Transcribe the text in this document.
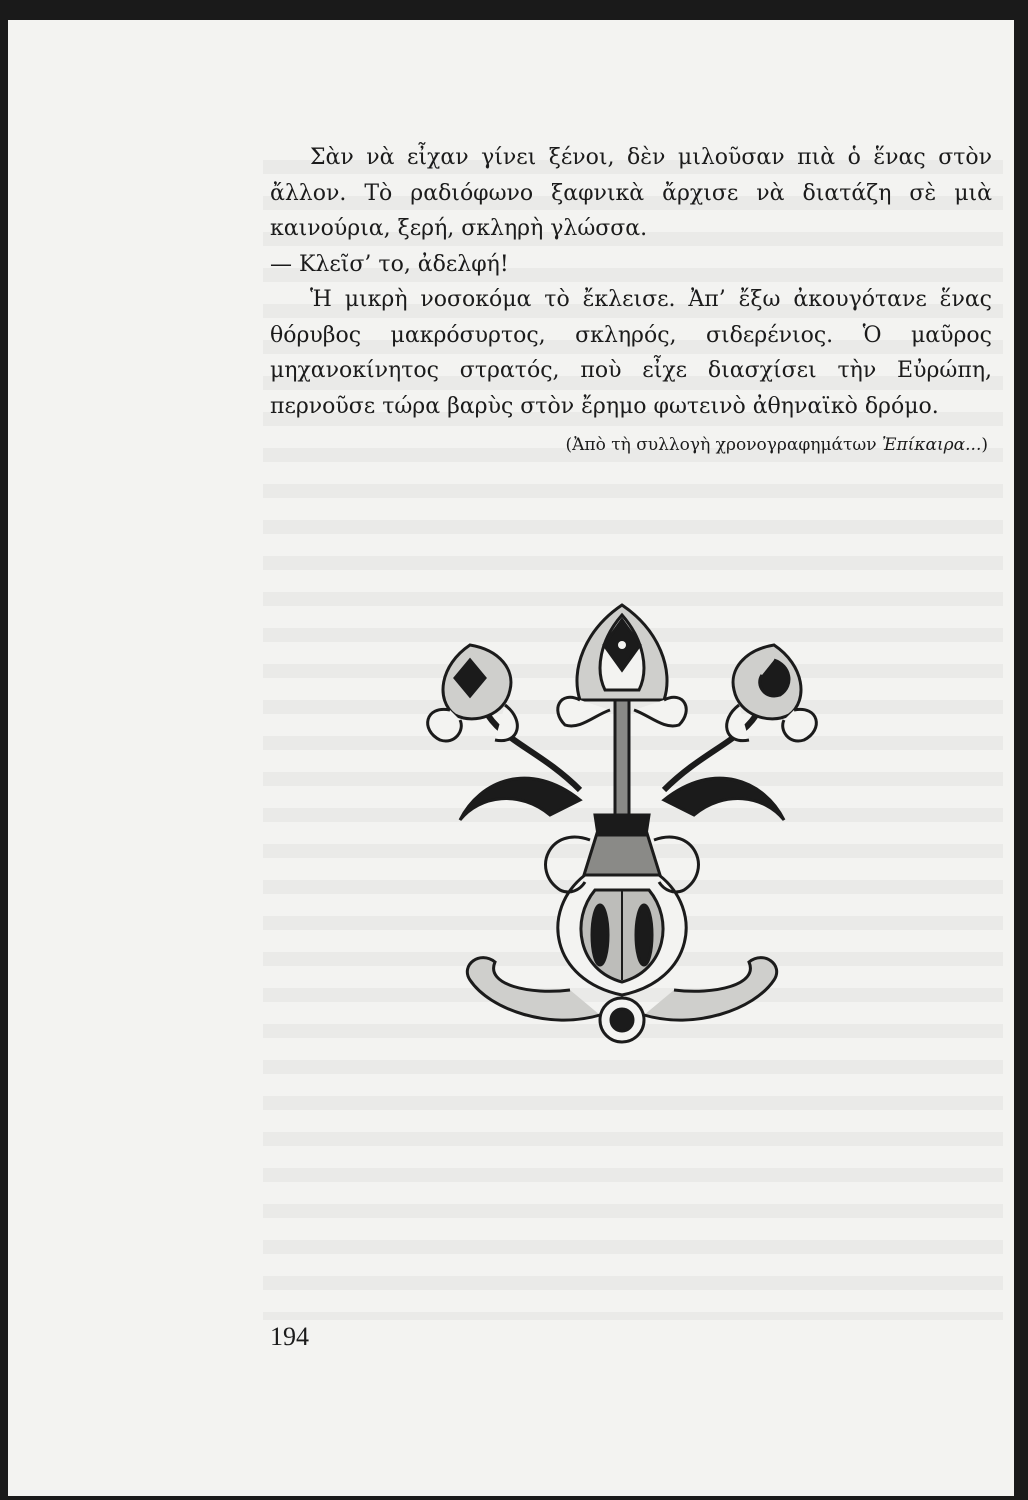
Σὰν νὰ εἶχαν γίνει ξένοι, δὲν μιλοῦσαν πιὰ ὁ ἕνας στὸν ἄλλον. Τὸ ραδιόφωνο ξαφνικὰ ἄρχισε νὰ διατάζη σὲ μιὰ καινούρια, ξερή, σκληρὴ γλώσσα.

— Κλεῖσ’ το, ἀδελφή!

Ἡ μικρὴ νοσοκόμα τὸ ἔκλεισε. Ἀπ’ ἔξω ἀκουγότανε ἕνας θόρυβος μακρόσυρτος, σκληρός, σιδερένιος. Ὁ μαῦρος μηχανοκίνητος στρατός, ποὺ εἶχε διασχίσει τὴν Εὐρώπη, περνοῦσε τώρα βαρὺς στὸν ἔρημο φωτεινὸ ἀθηναϊκὸ δρόμο.

(Ἀπὸ τὴ συλλογὴ χρονογραφημάτων Ἐπίκαιρα...)
194
